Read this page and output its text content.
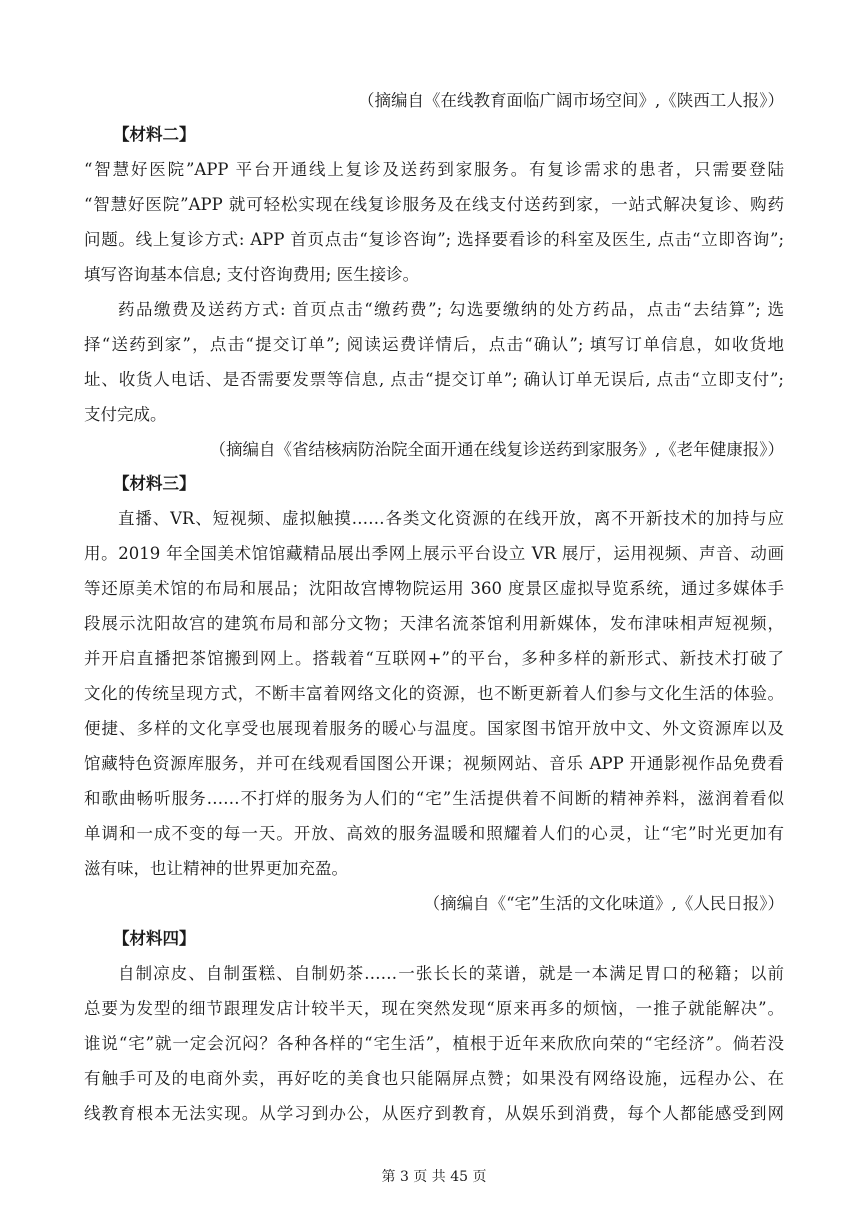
（摘编自《在线教育面临广阔市场空间》,《陕西工人报》）
【材料二】
“智慧好医院”APP 平台开通线上复诊及送药到家服务。有复诊需求的患者，只需要登陆
“智慧好医院”APP 就可轻松实现在线复诊服务及在线支付送药到家，一站式解决复诊、购药
问题。线上复诊方式: APP 首页点击“复诊咨询”; 选择要看诊的科室及医生, 点击“立即咨询”;
填写咨询基本信息; 支付咨询费用; 医生接诊。
药品缴费及送药方式: 首页点击“缴药费”; 勾选要缴纳的处方药品，点击“去结算”; 选
择“送药到家”，点击“提交订单”; 阅读运费详情后，点击“确认”; 填写订单信息，如收货地
址、收货人电话、是否需要发票等信息, 点击“提交订单”; 确认订单无误后, 点击“立即支付”;
支付完成。
（摘编自《省结核病防治院全面开通在线复诊送药到家服务》,《老年健康报》）
【材料三】
直播、VR、短视频、虚拟触摸……各类文化资源的在线开放，离不开新技术的加持与应
用。2019 年全国美术馆馆藏精品展出季网上展示平台设立 VR 展厅，运用视频、声音、动画
等还原美术馆的布局和展品；沈阳故宫博物院运用 360 度景区虚拟导览系统，通过多媒体手
段展示沈阳故宫的建筑布局和部分文物；天津名流茶馆利用新媒体，发布津味相声短视频，
并开启直播把茶馆搬到网上。搭载着“互联网+”的平台，多种多样的新形式、新技术打破了
文化的传统呈现方式，不断丰富着网络文化的资源，也不断更新着人们参与文化生活的体验。
便捷、多样的文化享受也展现着服务的暖心与温度。国家图书馆开放中文、外文资源库以及
馆藏特色资源库服务，并可在线观看国图公开课；视频网站、音乐 APP 开通影视作品免费看
和歌曲畅听服务……不打烊的服务为人们的“宅”生活提供着不间断的精神养料，滋润着看似
单调和一成不变的每一天。开放、高效的服务温暖和照耀着人们的心灵，让“宅”时光更加有
滋有味，也让精神的世界更加充盈。
（摘编自《“宅”生活的文化味道》,《人民日报》）
【材料四】
自制凉皮、自制蛋糕、自制奶茶……一张长长的菜谱，就是一本满足胃口的秘籍；以前
总要为发型的细节跟理发店计较半天，现在突然发现“原来再多的烦恼，一推子就能解决”。
谁说“宅”就一定会沉闷？各种各样的“宅生活”，植根于近年来欣欣向荣的“宅经济”。倘若没
有触手可及的电商外卖，再好吃的美食也只能隔屏点赞；如果没有网络设施，远程办公、在
线教育根本无法实现。从学习到办公，从医疗到教育，从娱乐到消费，每个人都能感受到网
第 3 页 共 45 页
